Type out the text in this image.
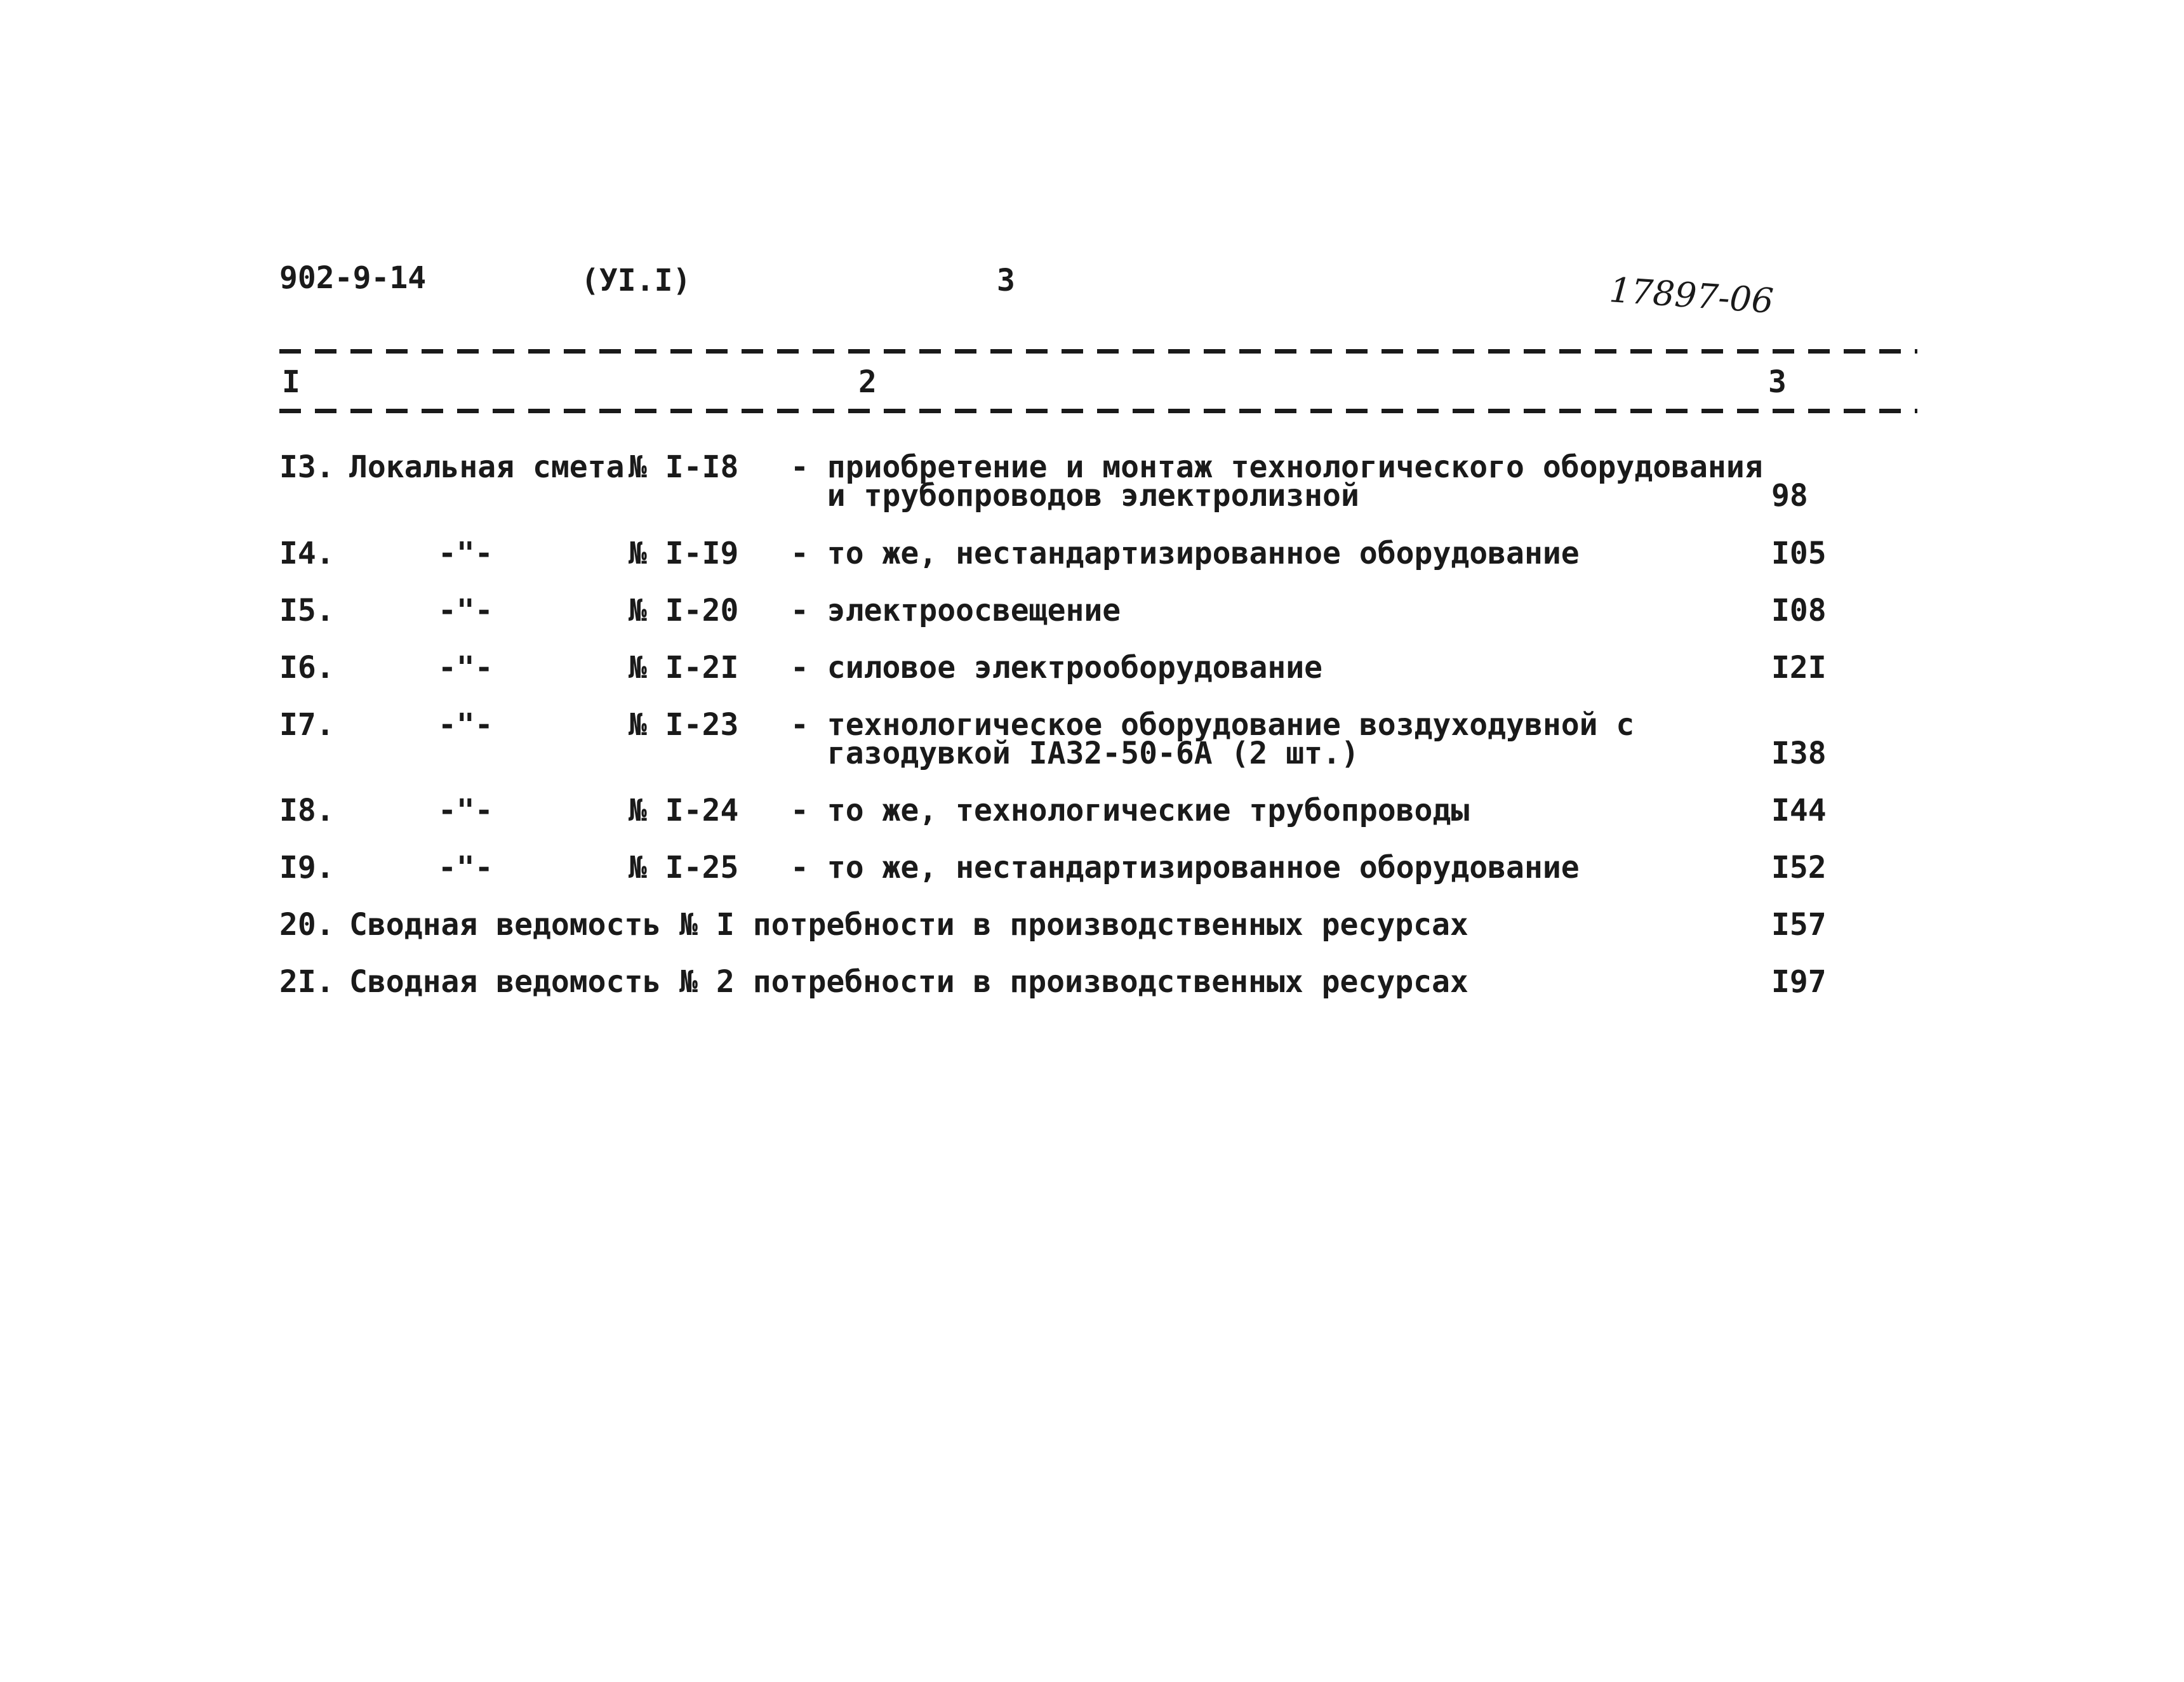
902-9-14	(УI.I)	3	17897-06
I	2	3
I3. Локальная смета № I-I8 - приобретение и монтаж технологического оборудования
и трубопроводов электролизной	98
I4.	-"-	№ I-I9 - то же, нестандартизированное оборудование	I05
I5.	-"-	№ I-20 - электроосвещение	I08
I6.	-"-	№ I-2I - силовое электрооборудование	I2I
I7.	-"-	№ I-23 - технологическое оборудование воздуходувной с
газодувкой IА32-50-6А (2 шт.)	I38
I8.	-"-	№ I-24 - то же, технологические трубопроводы	I44
I9.	-"-	№ I-25 - то же, нестандартизированное оборудование	I52
20. Сводная ведомость № I потребности в производственных ресурсах	I57
2I. Сводная ведомость № 2 потребности в производственных ресурсах	I97
